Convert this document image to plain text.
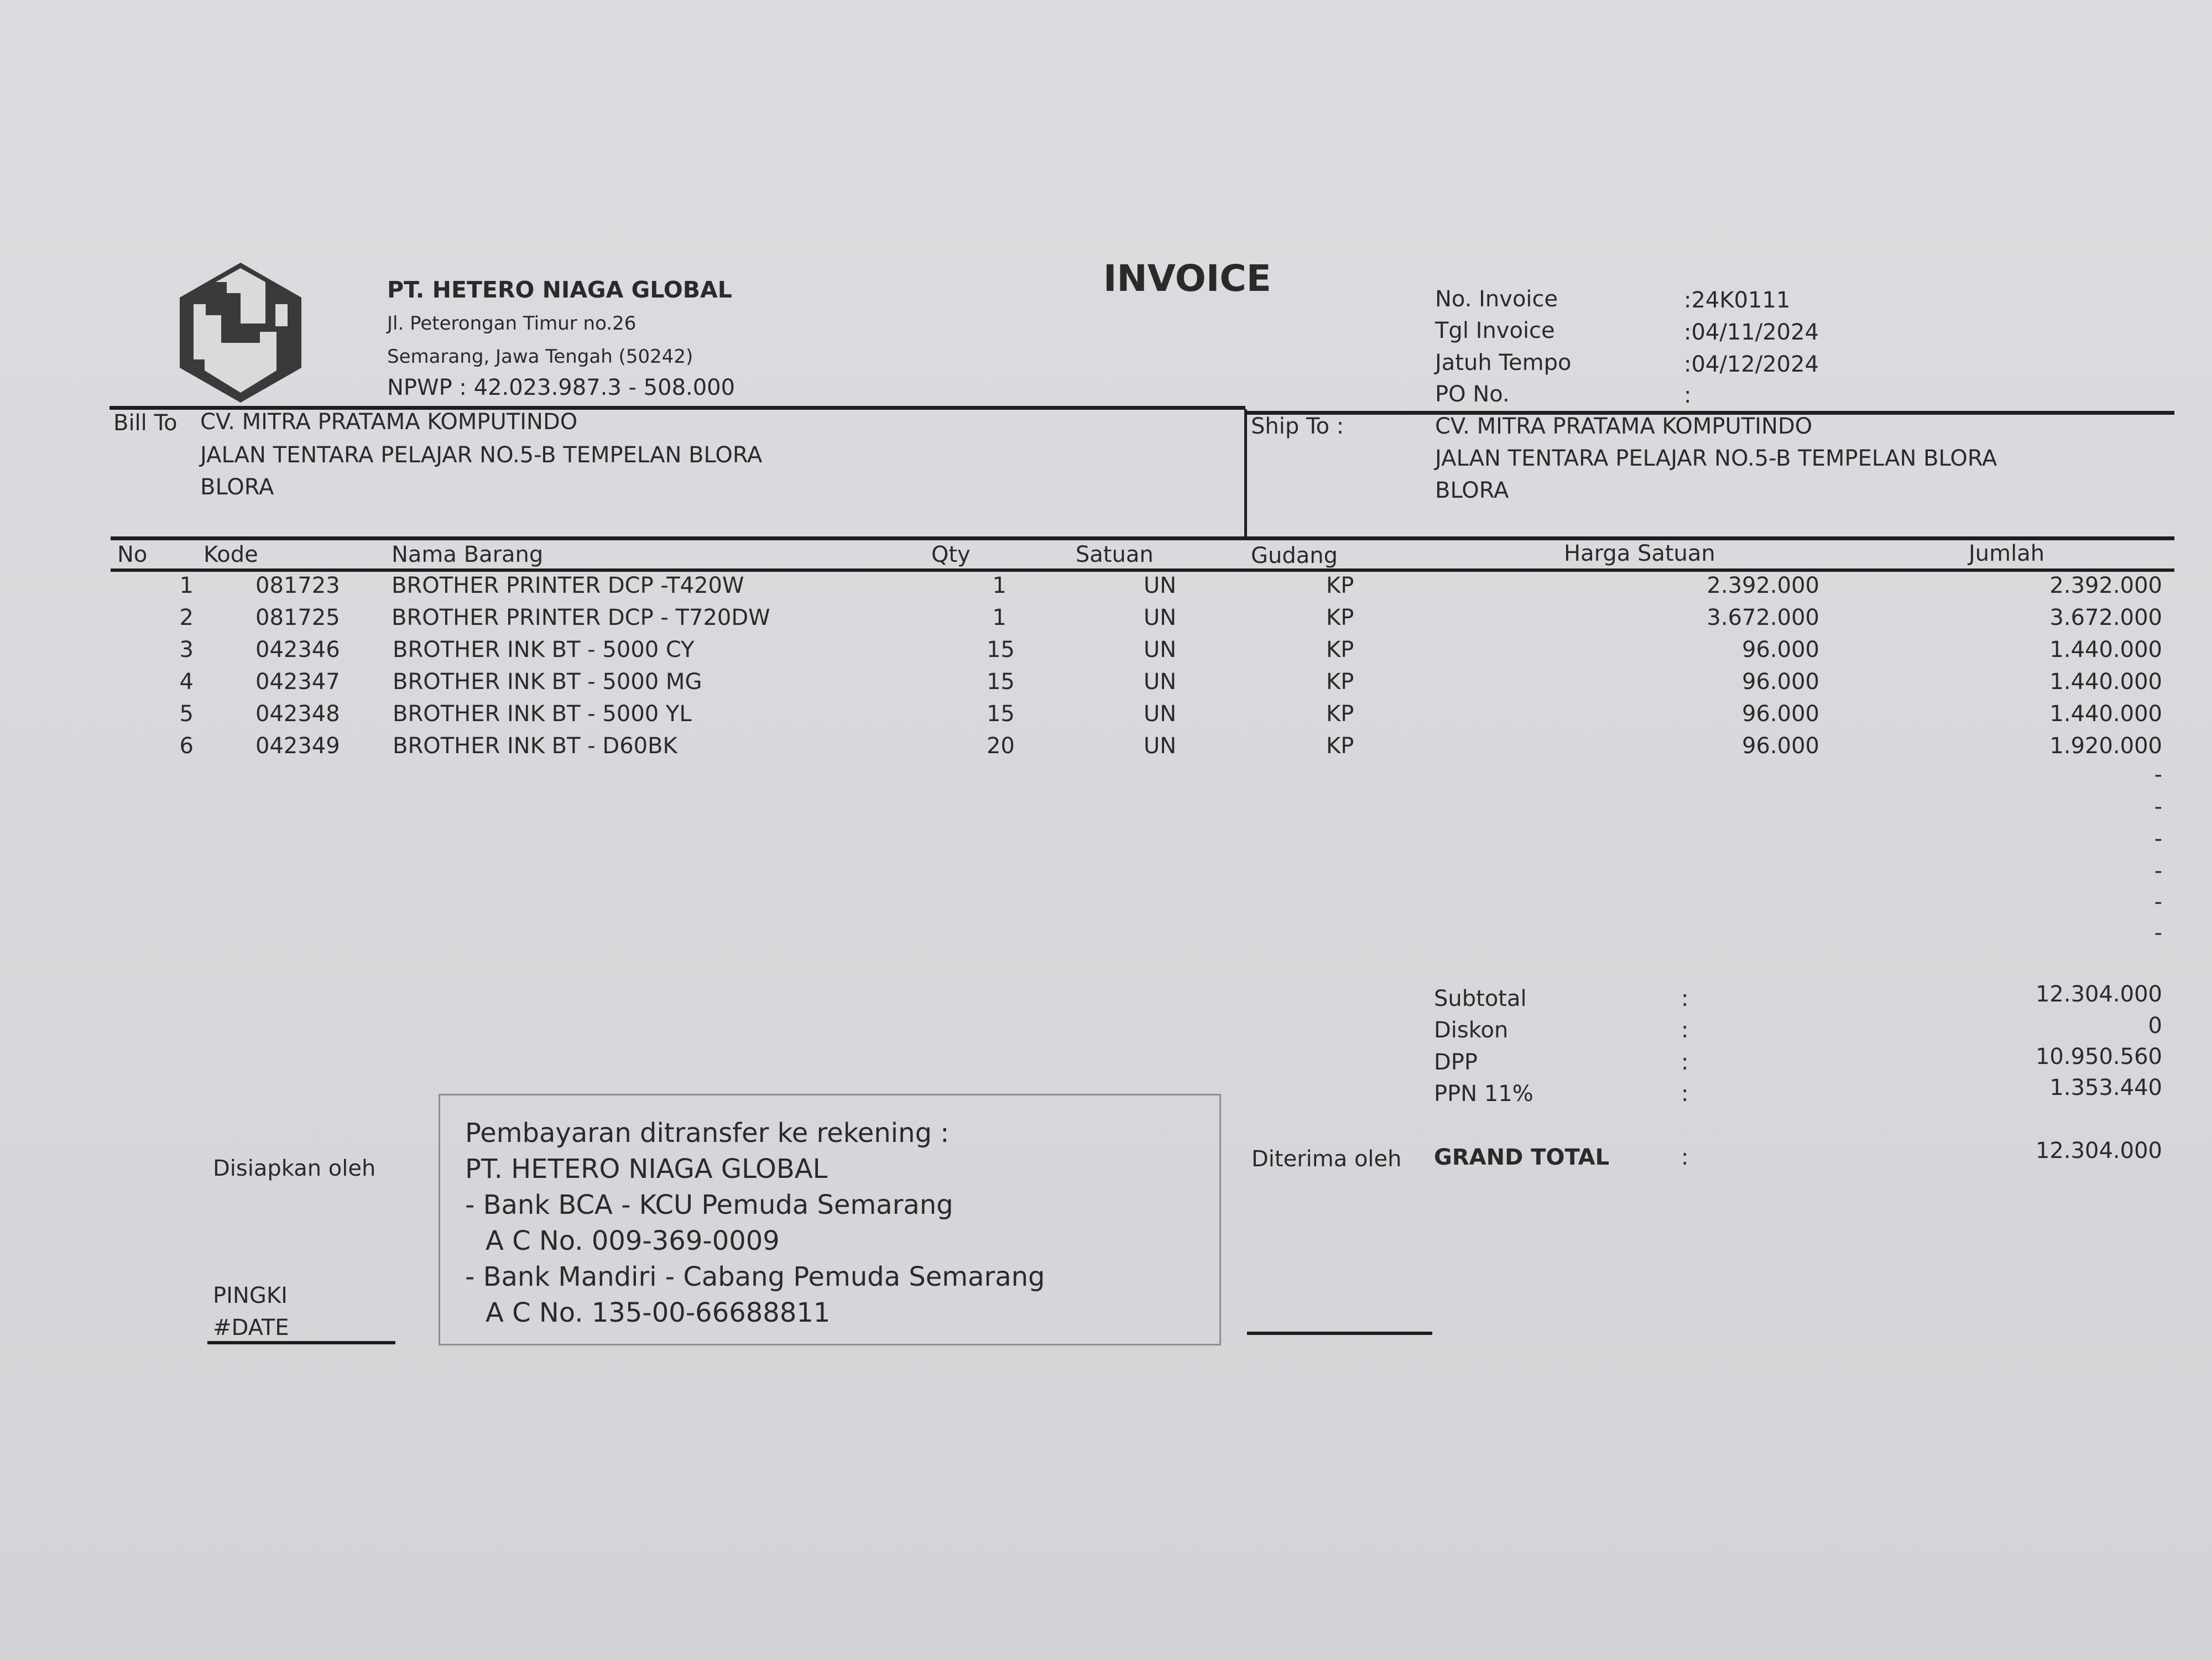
PT. HETERO NIAGA GLOBAL
Jl. Peterongan Timur no.26
Semarang, Jawa Tengah (50242)
NPWP : 42.023.987.3 - 508.000
INVOICE	No. Invoice	:24K0111
Tgl Invoice	:04/11/2024
Jatuh Tempo	:04/12/2024
PO No.	:
Bill To CV. MITRA PRATAMA KOMPUTINDO
JALAN TENTARA PELAJAR NO.5-B TEMPELAN BLORA
BLORA
Ship To :	CV. MITRA PRATAMA KOMPUTINDO
JALAN TENTARA PELAJAR NO.5-B TEMPELAN BLORA
BLORA
No	Kode	Nama Barang	Qty	Satuan	Gudang	Harga Satuan	Jumlah
1	081723 BROTHER PRINTER DCP -T420W	1	UN	KP	2.392.000	2.392.000
2	081725 BROTHER PRINTER DCP - T720DW	1	UN	KP	3.672.000	3.672.000
3	042346 BROTHER INK BT - 5000 CY	15	UN	KP	96.000	1.440.000
4	042347 BROTHER INK BT - 5000 MG	15	UN	KP	96.000	1.440.000
5	042348 BROTHER INK BT - 5000 YL	15	UN	KP	96.000	1.440.000
6	042349 BROTHER INK BT - D60BK	20	UN	KP	96.000	1.920.000
-
-
-
-
-
-
Subtotal	:	12.304.000
Diskon	:	0
DPP	:	10.950.560
PPN 11%	:	1.353.440
GRAND TOTAL	:	12.304.000
Disiapkan oleh
PINGKI
#DATE
Pembayaran ditransfer ke rekening :
PT. HETERO NIAGA GLOBAL
- Bank BCA - KCU Pemuda Semarang
A C No. 009-369-0009
- Bank Mandiri - Cabang Pemuda Semarang
A C No. 135-00-66688811
Diterima oleh
